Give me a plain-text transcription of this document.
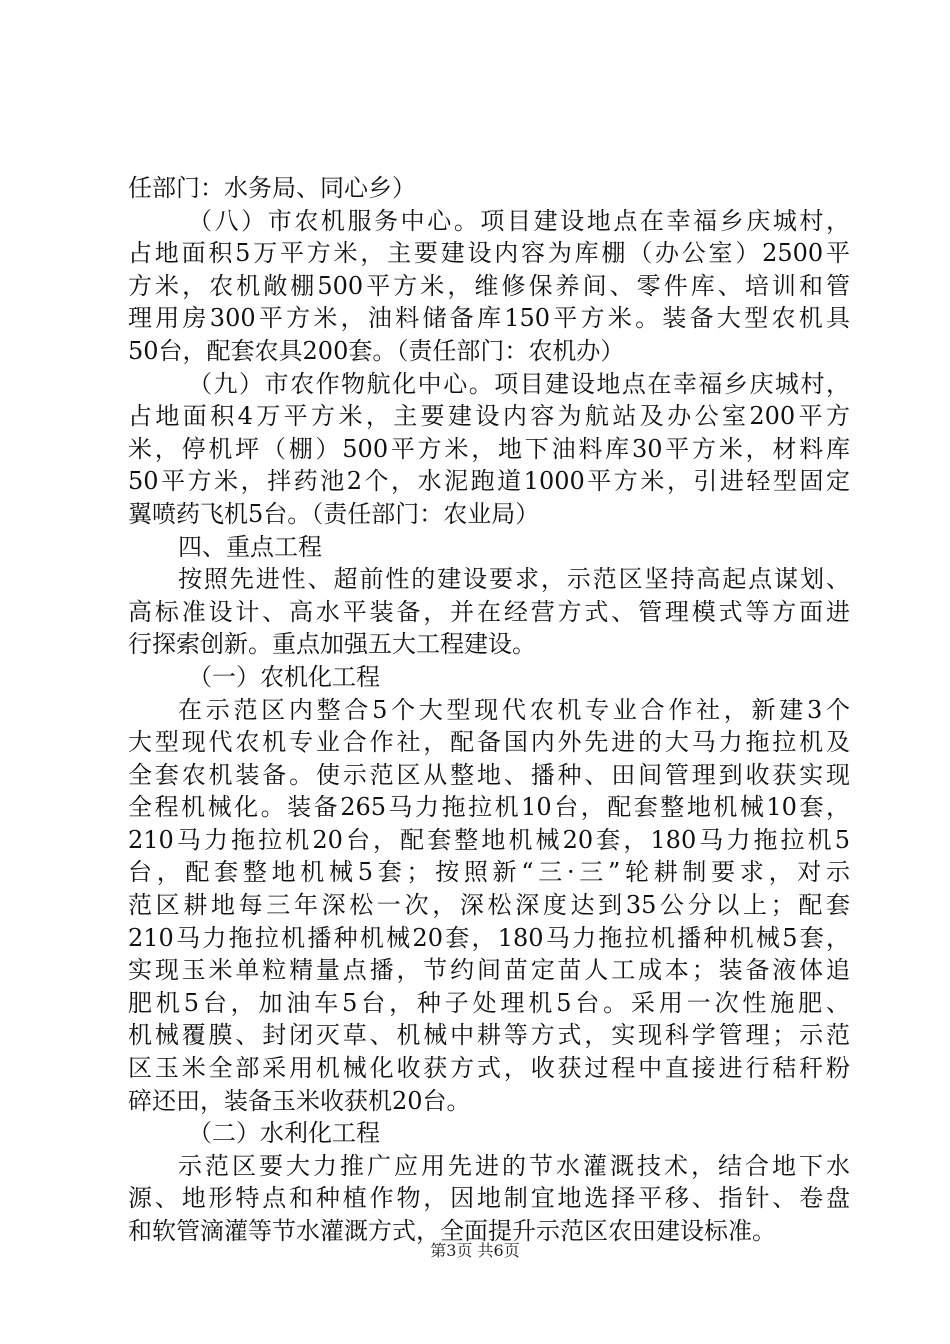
任部门：水务局、同心乡）
（八）市农机服务中心。项目建设地点在幸福乡庆城村，
占地面积5万平方米，主要建设内容为库棚（办公室）2500平
方米，农机敞棚500平方米，维修保养间、零件库、培训和管
理用房300平方米，油料储备库150平方米。装备大型农机具
50台，配套农具200套。（责任部门：农机办）
（九）市农作物航化中心。项目建设地点在幸福乡庆城村，
占地面积4万平方米，主要建设内容为航站及办公室200平方
米，停机坪（棚）500平方米，地下油料库30平方米，材料库
50平方米，拌药池2个，水泥跑道1000平方米，引进轻型固定
翼喷药飞机5台。（责任部门：农业局）
四、重点工程
按照先进性、超前性的建设要求，示范区坚持高起点谋划、
高标准设计、高水平装备，并在经营方式、管理模式等方面进
行探索创新。重点加强五大工程建设。
（一）农机化工程
在示范区内整合5个大型现代农机专业合作社，新建3个
大型现代农机专业合作社，配备国内外先进的大马力拖拉机及
全套农机装备。使示范区从整地、播种、田间管理到收获实现
全程机械化。装备265马力拖拉机10台，配套整地机械10套，
210马力拖拉机20台，配套整地机械20套，180马力拖拉机5
台，配套整地机械5套；按照新“三·三”轮耕制要求，对示
范区耕地每三年深松一次，深松深度达到35公分以上；配套
210马力拖拉机播种机械20套，180马力拖拉机播种机械5套，
实现玉米单粒精量点播，节约间苗定苗人工成本；装备液体追
肥机5台，加油车5台，种子处理机5台。采用一次性施肥、
机械覆膜、封闭灭草、机械中耕等方式，实现科学管理；示范
区玉米全部采用机械化收获方式，收获过程中直接进行秸秆粉
碎还田，装备玉米收获机20台。
（二）水利化工程
示范区要大力推广应用先进的节水灌溉技术，结合地下水
源、地形特点和种植作物，因地制宜地选择平移、指针、卷盘
和软管滴灌等节水灌溉方式，全面提升示范区农田建设标准。
第3页 共6页
